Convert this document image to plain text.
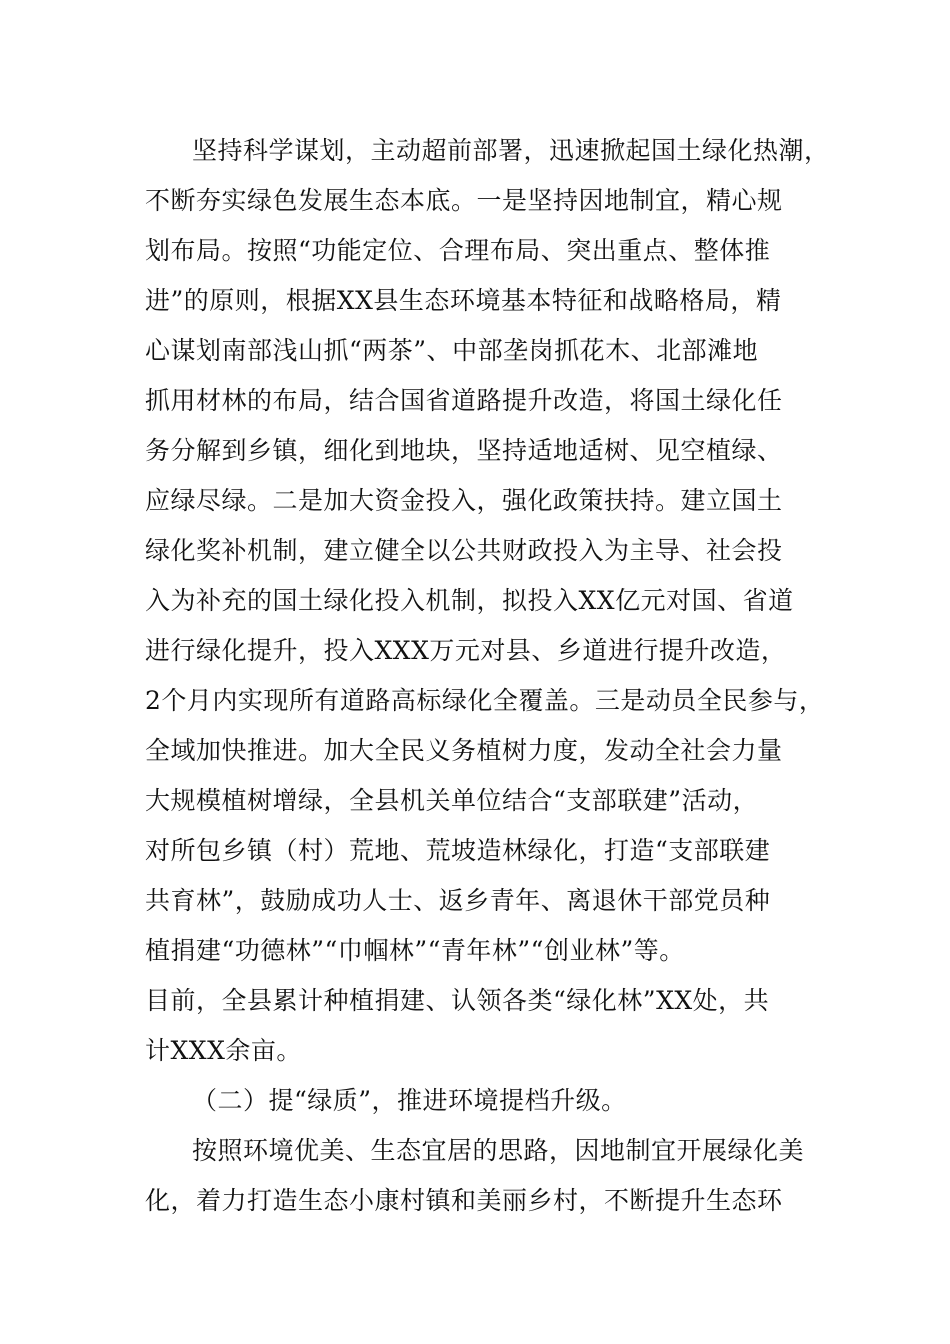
坚持科学谋划，主动超前部署，迅速掀起国土绿化热潮，
不断夯实绿色发展生态本底。一是坚持因地制宜，精心规
划布局。按照“功能定位、合理布局、突出重点、整体推
进”的原则，根据XX县生态环境基本特征和战略格局，精
心谋划南部浅山抓“两茶”、中部垄岗抓花木、北部滩地
抓用材林的布局，结合国省道路提升改造，将国土绿化任
务分解到乡镇，细化到地块，坚持适地适树、见空植绿、
应绿尽绿。二是加大资金投入，强化政策扶持。建立国土
绿化奖补机制，建立健全以公共财政投入为主导、社会投
入为补充的国土绿化投入机制，拟投入XX亿元对国、省道
进行绿化提升，投入XXX万元对县、乡道进行提升改造，
2个月内实现所有道路高标绿化全覆盖。三是动员全民参与，
全域加快推进。加大全民义务植树力度，发动全社会力量
大规模植树增绿，全县机关单位结合“支部联建”活动，
对所包乡镇（村）荒地、荒坡造林绿化，打造“支部联建
共育林”，鼓励成功人士、返乡青年、离退休干部党员种
植捐建“功德林”“巾帼林”“青年林”“创业林”等。
目前，全县累计种植捐建、认领各类“绿化林”XX处，共
计XXX余亩。
（二）提“绿质”，推进环境提档升级。
按照环境优美、生态宜居的思路，因地制宜开展绿化美
化，着力打造生态小康村镇和美丽乡村，不断提升生态环
